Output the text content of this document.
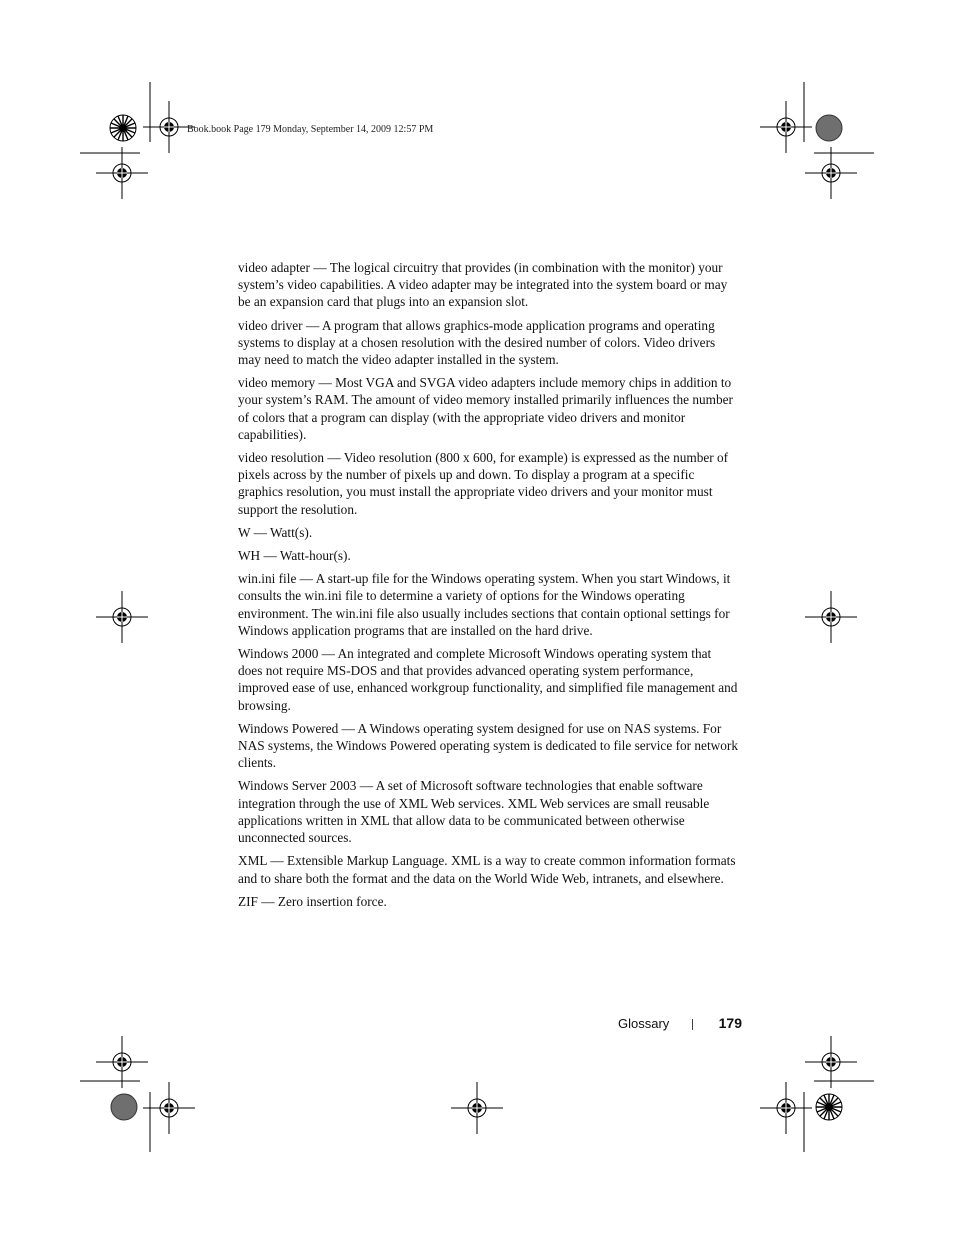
Book.book Page 179 Monday, September 14, 2009 12:57 PM

video adapter — The logical circuitry that provides (in combination with the monitor) your system’s video capabilities. A video adapter may be integrated into the system board or may be an expansion card that plugs into an expansion slot.

video driver — A program that allows graphics-mode application programs and operating systems to display at a chosen resolution with the desired number of colors. Video drivers may need to match the video adapter installed in the system.

video memory — Most VGA and SVGA video adapters include memory chips in addition to your system’s RAM. The amount of video memory installed primarily influences the number of colors that a program can display (with the appropriate video drivers and monitor capabilities).

video resolution — Video resolution (800 x 600, for example) is expressed as the number of pixels across by the number of pixels up and down. To display a program at a specific graphics resolution, you must install the appropriate video drivers and your monitor must support the resolution.

W — Watt(s).

WH — Watt-hour(s).

win.ini file — A start-up file for the Windows operating system. When you start Windows, it consults the win.ini file to determine a variety of options for the Windows operating environment. The win.ini file also usually includes sections that contain optional settings for Windows application programs that are installed on the hard drive.

Windows 2000 — An integrated and complete Microsoft Windows operating system that does not require MS-DOS and that provides advanced operating system performance, improved ease of use, enhanced workgroup functionality, and simplified file management and browsing.

Windows Powered — A Windows operating system designed for use on NAS systems. For NAS systems, the Windows Powered operating system is dedicated to file service for network clients.

Windows Server 2003 — A set of Microsoft software technologies that enable software integration through the use of XML Web services. XML Web services are small reusable applications written in XML that allow data to be communicated between otherwise unconnected sources.

XML — Extensible Markup Language. XML is a way to create common information formats and to share both the format and the data on the World Wide Web, intranets, and elsewhere.

ZIF — Zero insertion force.

Glossary	179
